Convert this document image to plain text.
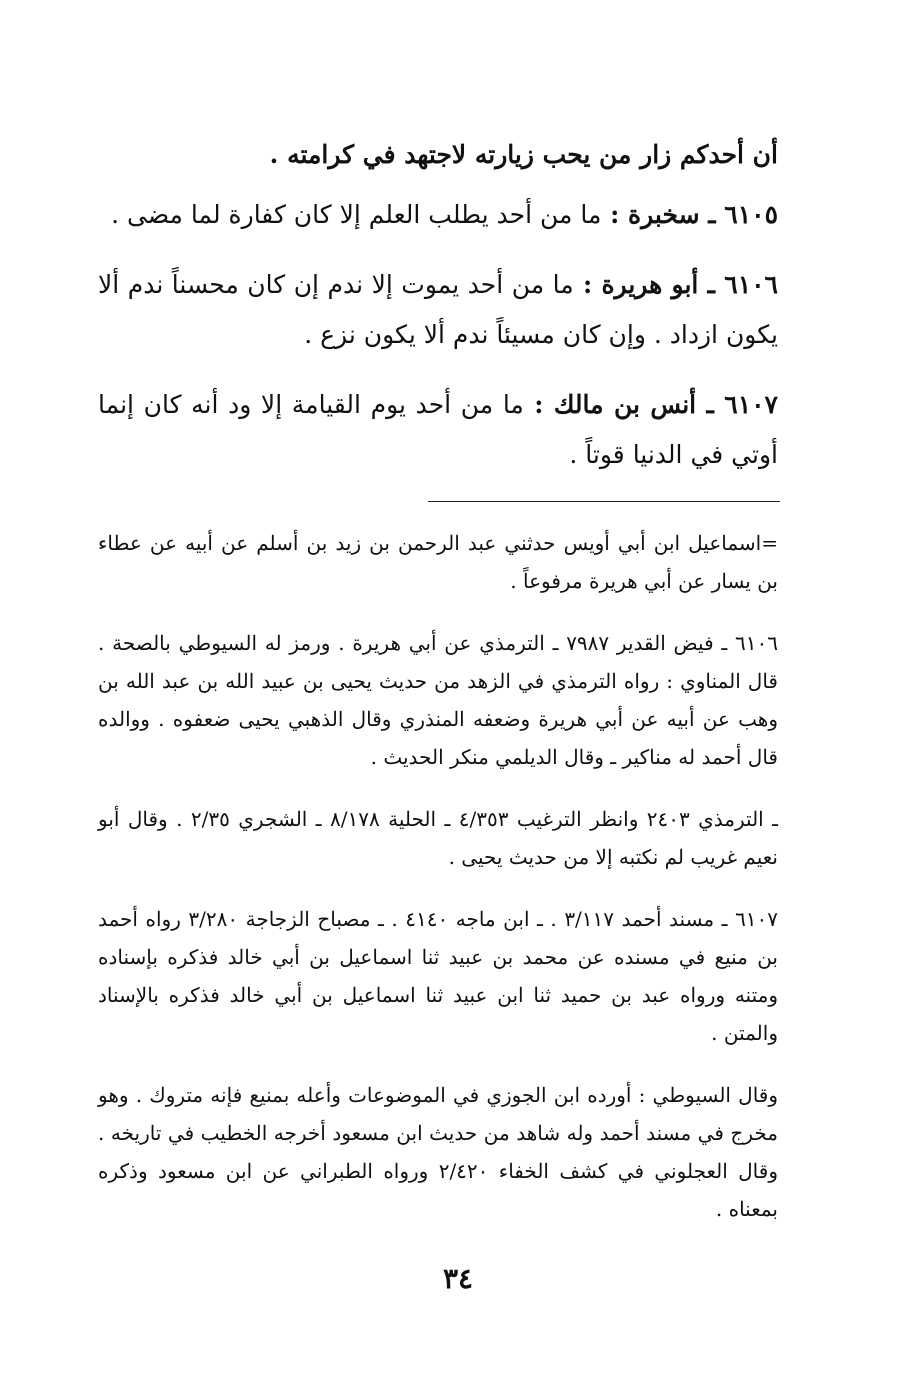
أن أحدكم زار من يحب زيارته لاجتهد في كرامته .

٦١٠٥ ـ سخبرة : ما من أحد يطلب العلم إلا كان كفارة لما مضى .

٦١٠٦ ـ أبو هريرة : ما من أحد يموت إلا ندم إن كان محسناً ندم ألا يكون ازداد . وإن كان مسيئاً ندم ألا يكون نزع .

٦١٠٧ ـ أنس بن مالك : ما من أحد يوم القيامة إلا ود أنه كان إنما أوتي في الدنيا قوتاً .

=اسماعيل ابن أبي أويس حدثني عبد الرحمن بن زيد بن أسلم عن أبيه عن عطاء بن يسار عن أبي هريرة مرفوعاً .

٦١٠٦ ـ فيض القدير ٧٩٨٧ ـ الترمذي عن أبي هريرة . ورمز له السيوطي بالصحة . قال المناوي : رواه الترمذي في الزهد من حديث يحيى بن عبيد الله بن عبد الله بن وهب عن أبيه عن أبي هريرة وضعفه المنذري وقال الذهبي يحيى ضعفوه . ووالده قال أحمد له مناكير ـ وقال الديلمي منكر الحديث .

ـ الترمذي ٢٤٠٣ وانظر الترغيب ٤/٣٥٣ ـ الحلية ٨/١٧٨ ـ الشجري ٢/٣٥ . وقال أبو نعيم غريب لم نكتبه إلا من حديث يحيى .

٦١٠٧ ـ مسند أحمد ٣/١١٧ . ـ ابن ماجه ٤١٤٠ . ـ مصباح الزجاجة ٣/٢٨٠ رواه أحمد بن منيع في مسنده عن محمد بن عبيد ثنا اسماعيل بن أبي خالد فذكره بإسناده ومتنه ورواه عبد بن حميد ثنا ابن عبيد ثنا اسماعيل بن أبي خالد فذكره بالإسناد والمتن .

وقال السيوطي : أورده ابن الجوزي في الموضوعات وأعله بمنيع فإنه متروك . وهو مخرج في مسند أحمد وله شاهد من حديث ابن مسعود أخرجه الخطيب في تاريخه . وقال العجلوني في كشف الخفاء ٢/٤٢٠ ورواه الطبراني عن ابن مسعود وذكره بمعناه .

٣٤
